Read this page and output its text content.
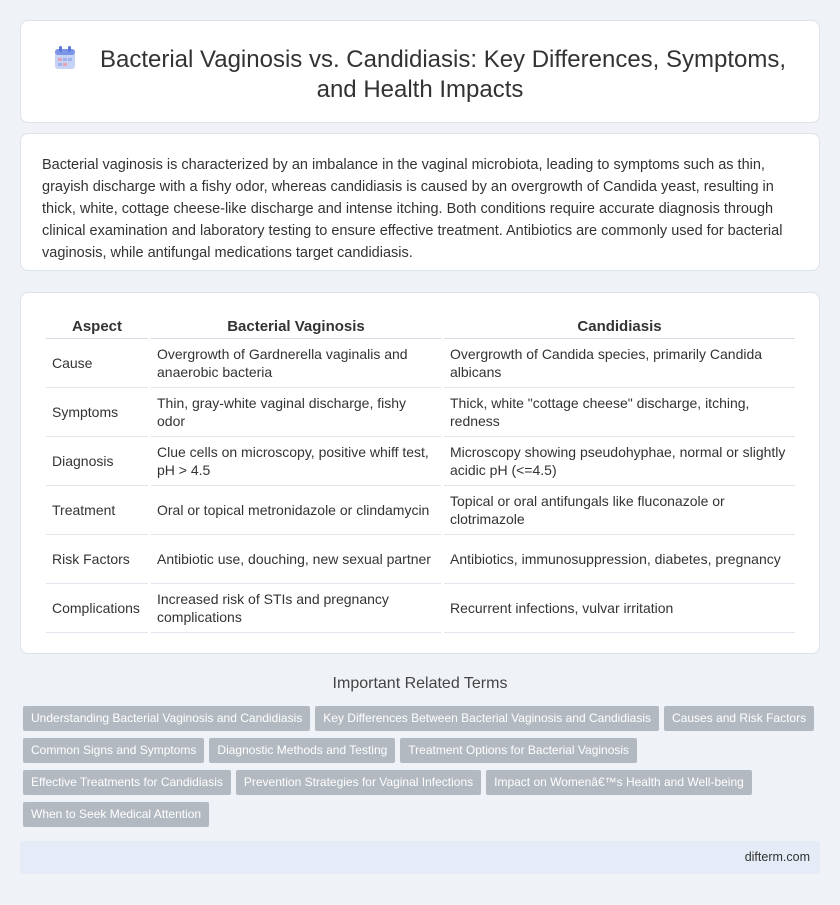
Bacterial Vaginosis vs. Candidiasis: Key Differences, Symptoms, and Health Impacts

Bacterial vaginosis is characterized by an imbalance in the vaginal microbiota, leading to symptoms such as thin, grayish discharge with a fishy odor, whereas candidiasis is caused by an overgrowth of Candida yeast, resulting in thick, white, cottage cheese-like discharge and intense itching. Both conditions require accurate diagnosis through clinical examination and laboratory testing to ensure effective treatment. Antibiotics are commonly used for bacterial vaginosis, while antifungal medications target candidiasis.

Aspect	Bacterial Vaginosis	Candidiasis
Cause	Overgrowth of Gardnerella vaginalis and anaerobic bacteria	Overgrowth of Candida species, primarily Candida albicans
Symptoms	Thin, gray-white vaginal discharge, fishy odor	Thick, white "cottage cheese" discharge, itching, redness
Diagnosis	Clue cells on microscopy, positive whiff test, pH > 4.5	Microscopy showing pseudohyphae, normal or slightly acidic pH (<=4.5)
Treatment	Oral or topical metronidazole or clindamycin	Topical or oral antifungals like fluconazole or clotrimazole
Risk Factors	Antibiotic use, douching, new sexual partner	Antibiotics, immunosuppression, diabetes, pregnancy
Complications	Increased risk of STIs and pregnancy complications	Recurrent infections, vulvar irritation
Important Related Terms
Understanding Bacterial Vaginosis and Candidiasis Key Differences Between Bacterial Vaginosis and Candidiasis Causes and Risk Factors
Common Signs and Symptoms Diagnostic Methods and Testing Treatment Options for Bacterial Vaginosis
Effective Treatments for Candidiasis Prevention Strategies for Vaginal Infections Impact on Womenâ€™s Health and Well-being
When to Seek Medical Attention
difterm.com
